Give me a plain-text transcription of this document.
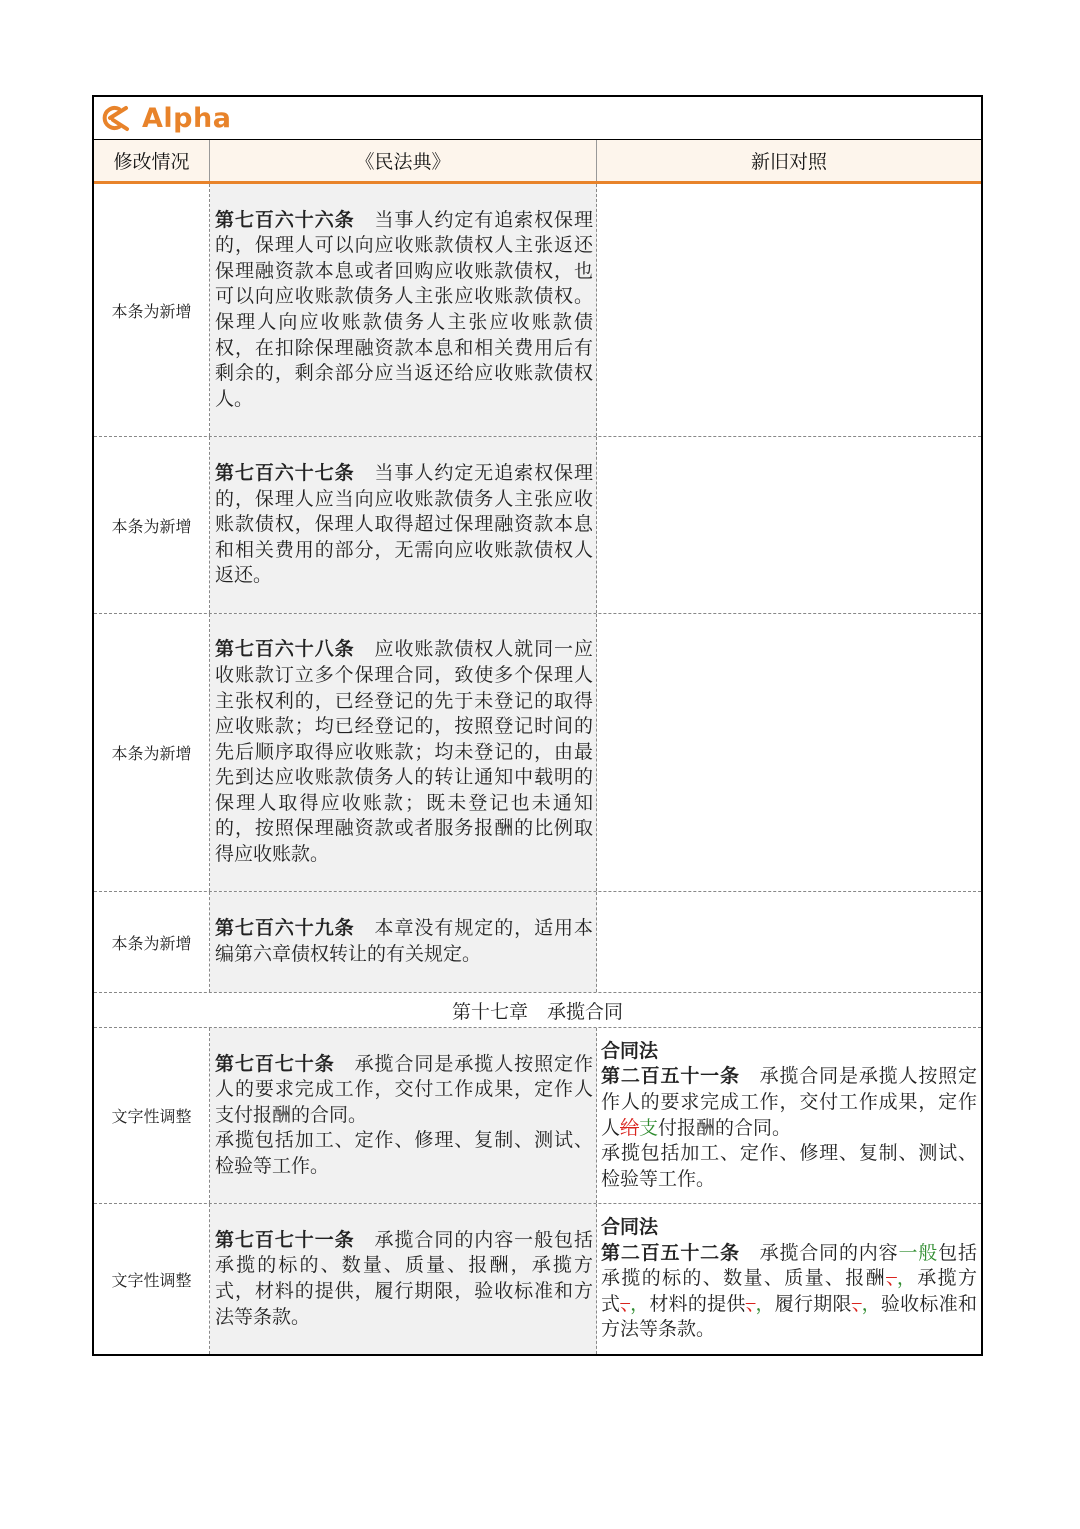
Alpha
修改情况	《民法典》	新旧对照
本条为新增
第七百六十六条　 当事人约定有追索权保理的，保理人可以向应收账款债权人主张返还保理融资款本息或者回购应收账款债权，也可以向应收账款债务人主张应收账款债权。保理人向应收账款债务人主张应收账款债权，在扣除保理融资款本息和相关费用后有剩余的，剩余部分应当返还给应收账款债权人。
本条为新增
第七百六十七条　 当事人约定无追索权保理的，保理人应当向应收账款债务人主张应收账款债权，保理人取得超过保理融资款本息和相关费用的部分，无需向应收账款债权人返还。
本条为新增
第七百六十八条　 应收账款债权人就同一应收账款订立多个保理合同，致使多个保理人主张权利的，已经登记的先于未登记的取得应收账款；均已经登记的，按照登记时间的先后顺序取得应收账款；均未登记的，由最先到达应收账款债务人的转让通知中载明的保理人取得应收账款；既未登记也未通知的，按照保理融资款或者服务报酬的比例取得应收账款。
本条为新增
第七百六十九条　 本章没有规定的，适用本编第六章债权转让的有关规定。
第十七章　承揽合同
文字性调整
第七百七十条　 承揽合同是承揽人按照定作人的要求完成工作，交付工作成果，定作人支付报酬的合同。
承揽包括加工、定作、修理、复制、测试、检验等工作。
合同法
第二百五十一条　 承揽合同是承揽人按照定作人的要求完成工作，交付工作成果，定作人给支付报酬的合同。
承揽包括加工、定作、修理、复制、测试、检验等工作。
文字性调整
第七百七十一条　 承揽合同的内容一般包括承揽的标的、数量、质量、报酬，承揽方式，材料的提供，履行期限，验收标准和方法等条款。
合同法
第二百五十二条　 承揽合同的内容一般包括承揽的标的、数量、质量、报酬、，承揽方式、，材料的提供、，履行期限、，验收标准和方法等条款。
